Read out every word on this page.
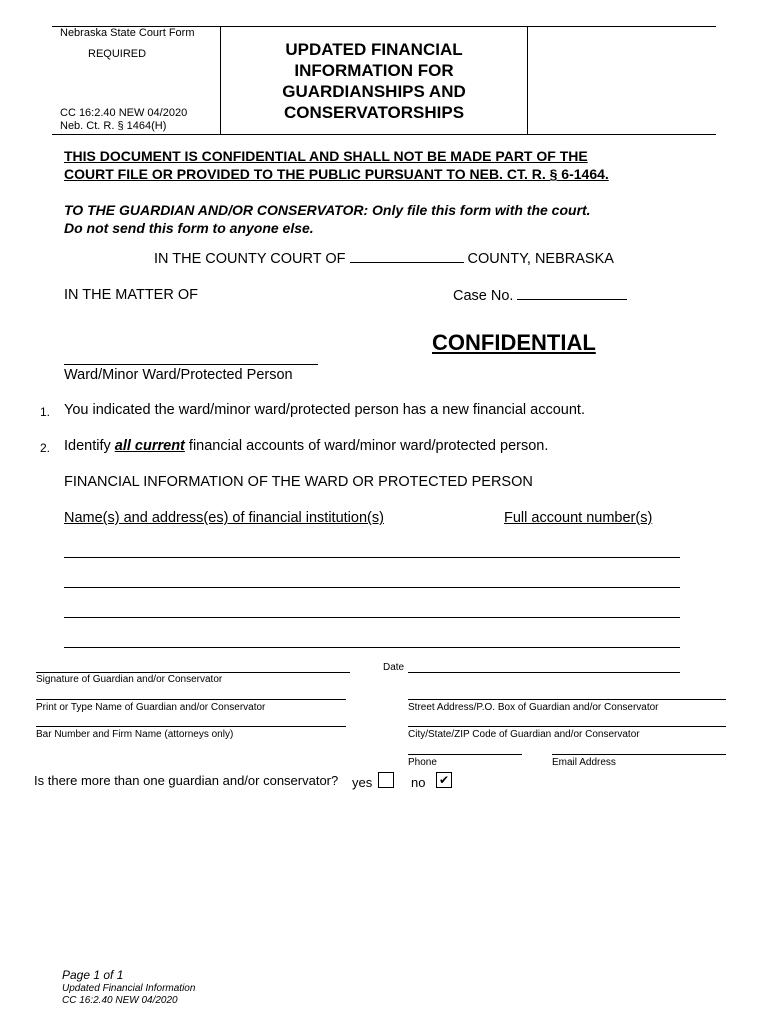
Nebraska State Court Form
REQUIRED
CC 16:2.40 NEW 04/2020
Neb. Ct. R. § 1464(H)
UPDATED FINANCIAL
INFORMATION FOR
GUARDIANSHIPS AND
CONSERVATORSHIPS
THIS DOCUMENT IS CONFIDENTIAL AND SHALL NOT BE MADE PART OF THE
COURT FILE OR PROVIDED TO THE PUBLIC PURSUANT TO NEB. CT. R. § 6-1464.
TO THE GUARDIAN AND/OR CONSERVATOR: Only file this form with the court.
Do not send this form to anyone else.
IN THE COUNTY COURT OF	COUNTY, NEBRASKA
IN THE MATTER OF	Case No.
CONFIDENTIAL
Ward/Minor Ward/Protected Person
1. You indicated the ward/minor ward/protected person has a new financial account.
2. Identify all current financial accounts of ward/minor ward/protected person.
FINANCIAL INFORMATION OF THE WARD OR PROTECTED PERSON
Name(s) and address(es) of financial institution(s)	Full account number(s)
Date
Signature of Guardian and/or Conservator
Print or Type Name of Guardian and/or Conservator	Street Address/P.O. Box of Guardian and/or Conservator
Bar Number and Firm Name (attorneys only)	City/State/ZIP Code of Guardian and/or Conservator
Phone	Email Address
Is there more than one guardian and/or conservator? yes	no ✔
Page 1 of 1
Updated Financial Information
CC 16:2.40 NEW 04/2020
